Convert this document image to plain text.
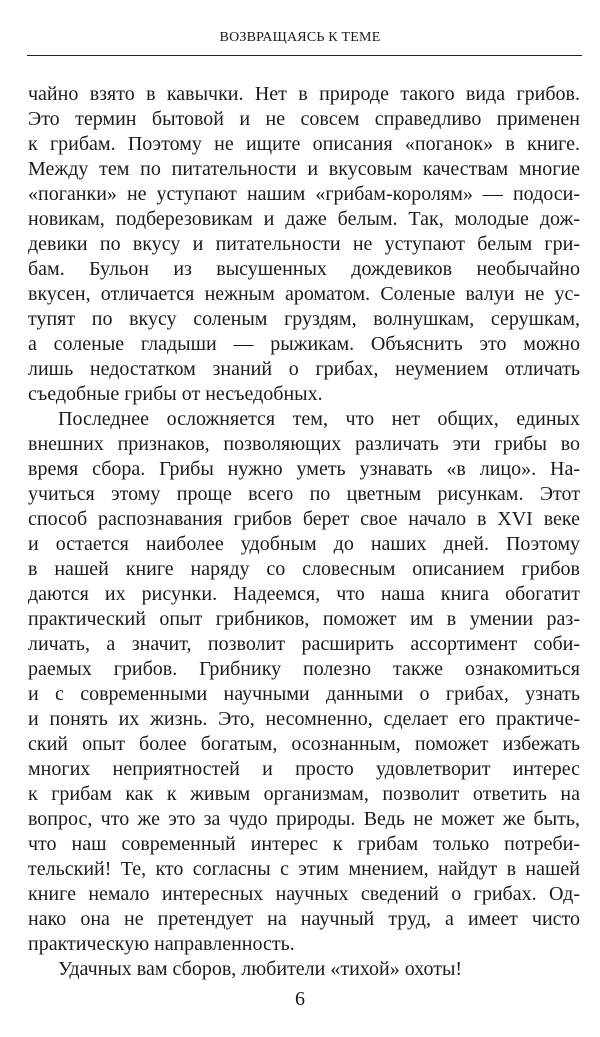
ВОЗВРАЩАЯСЬ К ТЕМЕ
чайно взято в кавычки. Нет в природе такого вида грибов.
Это термин бытовой и не совсем справедливо применен
к грибам. Поэтому не ищите описания «поганок» в книге.
Между тем по питательности и вкусовым качествам многие
«поганки» не уступают нашим «грибам-королям» — подоси-
новикам, подберезовикам и даже белым. Так, молодые дож-
девики по вкусу и питательности не уступают белым гри-
бам. Бульон из высушенных дождевиков необычайно
вкусен, отличается нежным ароматом. Соленые валуи не ус-
тупят по вкусу соленым груздям, волнушкам, серушкам,
а соленые гладыши — рыжикам. Объяснить это можно
лишь недостатком знаний о грибах, неумением отличать
съедобные грибы от несъедобных.
Последнее осложняется тем, что нет общих, единых
внешних признаков, позволяющих различать эти грибы во
время сбора. Грибы нужно уметь узнавать «в лицо». На-
учиться этому проще всего по цветным рисункам. Этот
способ распознавания грибов берет свое начало в XVI веке
и остается наиболее удобным до наших дней. Поэтому
в нашей книге наряду со словесным описанием грибов
даются их рисунки. Надеемся, что наша книга обогатит
практический опыт грибников, поможет им в умении раз-
личать, а значит, позволит расширить ассортимент соби-
раемых грибов. Грибнику полезно также ознакомиться
и с современными научными данными о грибах, узнать
и понять их жизнь. Это, несомненно, сделает его практиче-
ский опыт более богатым, осознанным, поможет избежать
многих неприятностей и просто удовлетворит интерес
к грибам как к живым организмам, позволит ответить на
вопрос, что же это за чудо природы. Ведь не может же быть,
что наш современный интерес к грибам только потреби-
тельский! Те, кто согласны с этим мнением, найдут в нашей
книге немало интересных научных сведений о грибах. Од-
нако она не претендует на научный труд, а имеет чисто
практическую направленность.
Удачных вам сборов, любители «тихой» охоты!
6
